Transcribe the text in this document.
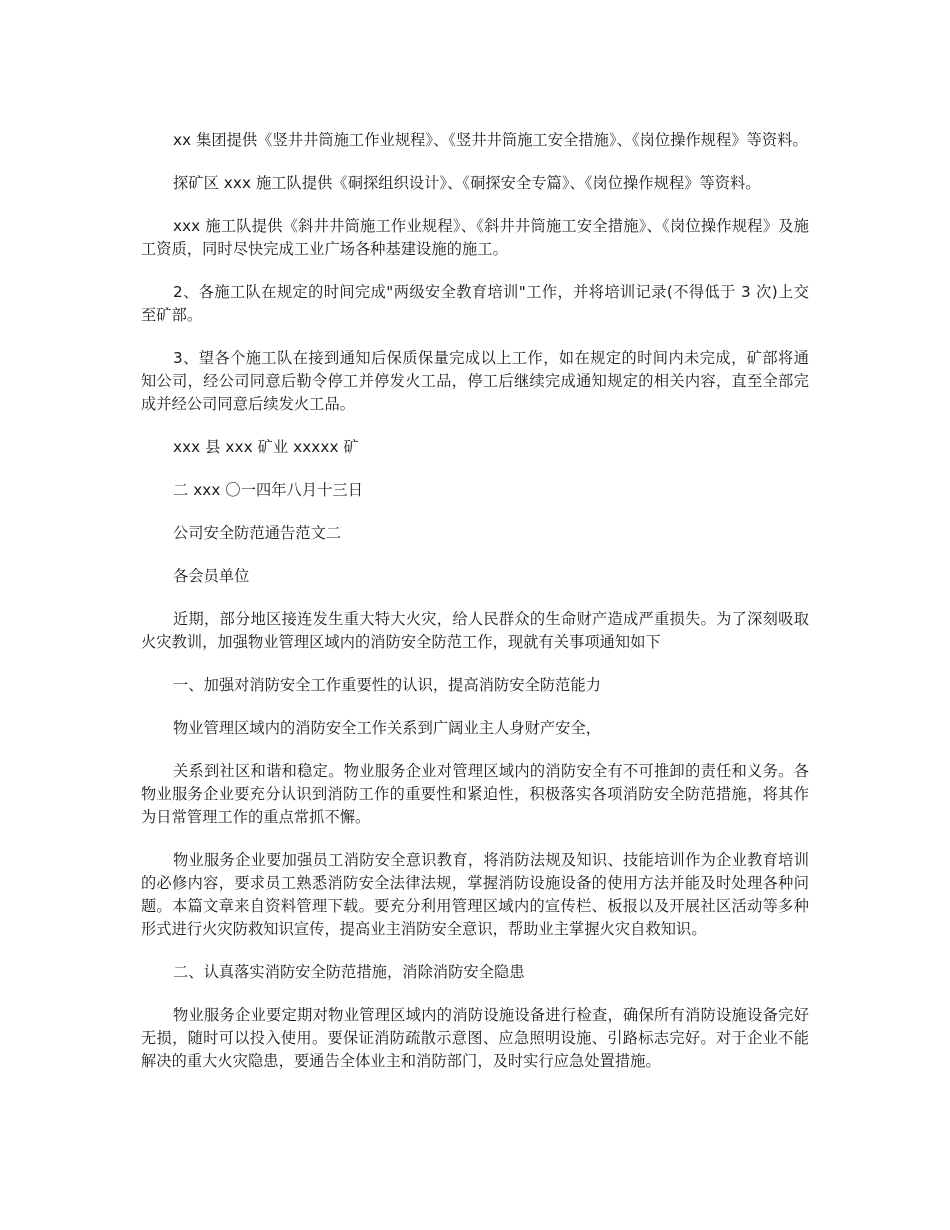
xx 集团提供《竖井井筒施工作业规程》、《竖井井筒施工安全措施》、《岗位操作规程》等资料。

探矿区 xxx 施工队提供《硐探组织设计》、《硐探安全专篇》、《岗位操作规程》等资料。

xxx 施工队提供《斜井井筒施工作业规程》、《斜井井筒施工安全措施》、《岗位操作规程》及施工资质，同时尽快完成工业广场各种基建设施的施工。

2、各施工队在规定的时间完成"两级安全教育培训"工作，并将培训记录(不得低于 3 次)上交至矿部。

3、望各个施工队在接到通知后保质保量完成以上工作，如在规定的时间内未完成，矿部将通知公司，经公司同意后勒令停工并停发火工品，停工后继续完成通知规定的相关内容，直至全部完成并经公司同意后续发火工品。

xxx 县 xxx 矿业 xxxxx 矿

二 xxx 〇一四年八月十三日

公司安全防范通告范文二

各会员单位

近期，部分地区接连发生重大特大火灾，给人民群众的生命财产造成严重损失。为了深刻吸取火灾教训，加强物业管理区域内的消防安全防范工作，现就有关事项通知如下

一、加强对消防安全工作重要性的认识，提高消防安全防范能力

物业管理区域内的消防安全工作关系到广阔业主人身财产安全，

关系到社区和谐和稳定。物业服务企业对管理区域内的消防安全有不可推卸的责任和义务。各物业服务企业要充分认识到消防工作的重要性和紧迫性，积极落实各项消防安全防范措施，将其作为日常管理工作的重点常抓不懈。

物业服务企业要加强员工消防安全意识教育，将消防法规及知识、技能培训作为企业教育培训的必修内容，要求员工熟悉消防安全法律法规，掌握消防设施设备的使用方法并能及时处理各种问题。本篇文章来自资料管理下载。要充分利用管理区域内的宣传栏、板报以及开展社区活动等多种形式进行火灾防救知识宣传，提高业主消防安全意识，帮助业主掌握火灾自救知识。

二、认真落实消防安全防范措施，消除消防安全隐患

物业服务企业要定期对物业管理区域内的消防设施设备进行检查，确保所有消防设施设备完好无损，随时可以投入使用。要保证消防疏散示意图、应急照明设施、引路标志完好。对于企业不能解决的重大火灾隐患，要通告全体业主和消防部门，及时实行应急处置措施。
